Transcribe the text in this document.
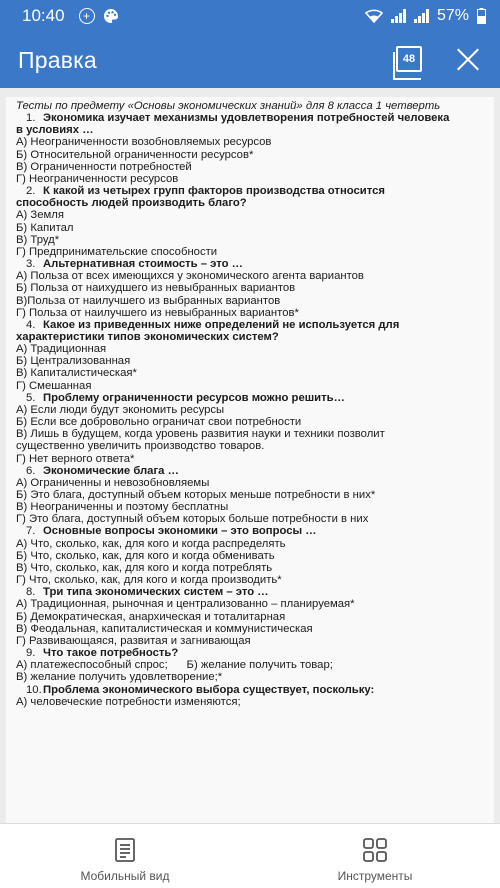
10:40	+	57%
Правка	48
Тесты по предмету «Основы экономических знаний» для 8 класса 1 четверть
1. Экономика изучает механизмы удовлетворения потребностей человека
в условиях …
А) Неограниченности возобновляемых ресурсов
Б) Относительной ограниченности ресурсов*
В) Ограниченности потребностей
Г) Неограниченности ресурсов
2. К какой из четырех групп факторов производства относится
способность людей производить благо?
А) Земля
Б) Капитал
В) Труд*
Г) Предпринимательские способности
3. Альтернативная стоимость – это …
А) Польза от всех имеющихся у экономического агента вариантов
Б) Польза от наихудшего из невыбранных вариантов
В)Польза от наилучшего из выбранных вариантов
Г) Польза от наилучшего из невыбранных вариантов*
4. Какое из приведенных ниже определений не используется для
характеристики типов экономических систем?
А) Традиционная
Б) Централизованная
В) Капиталистическая*
Г) Смешанная
5. Проблему ограниченности ресурсов можно решить…
А) Если люди будут экономить ресурсы
Б) Если все добровольно ограничат свои потребности
В) Лишь в будущем, когда уровень развития науки и техники позволит
существенно увеличить производство товаров.
Г) Нет верного ответа*
6. Экономические блага …
А) Ограниченны и невозобновляемы
Б) Это блага, доступный объем которых меньше потребности в них*
В) Неограниченны и поэтому бесплатны
Г) Это блага, доступный объем которых больше потребности в них
7. Основные вопросы экономики – это вопросы …
А) Что, сколько, как, для кого и когда распределять
Б) Что, сколько, как, для кого и когда обменивать
В) Что, сколько, как, для кого и когда потреблять
Г) Что, сколько, как, для кого и когда производить*
8. Три типа экономических систем – это …
А) Традиционная, рыночная и централизованно – планируемая*
Б) Демократическая, анархическая и тоталитарная
В) Феодальная, капиталистическая и коммунистическая
Г) Развивающаяся, развитая и загнивающая
9. Что такое потребность?
А) платежеспособный спрос;      Б) желание получить товар;
В) желание получить удовлетворение;*
10.Проблема экономического выбора существует, поскольку:
А) человеческие потребности изменяются;
Мобильный вид	Инструменты
